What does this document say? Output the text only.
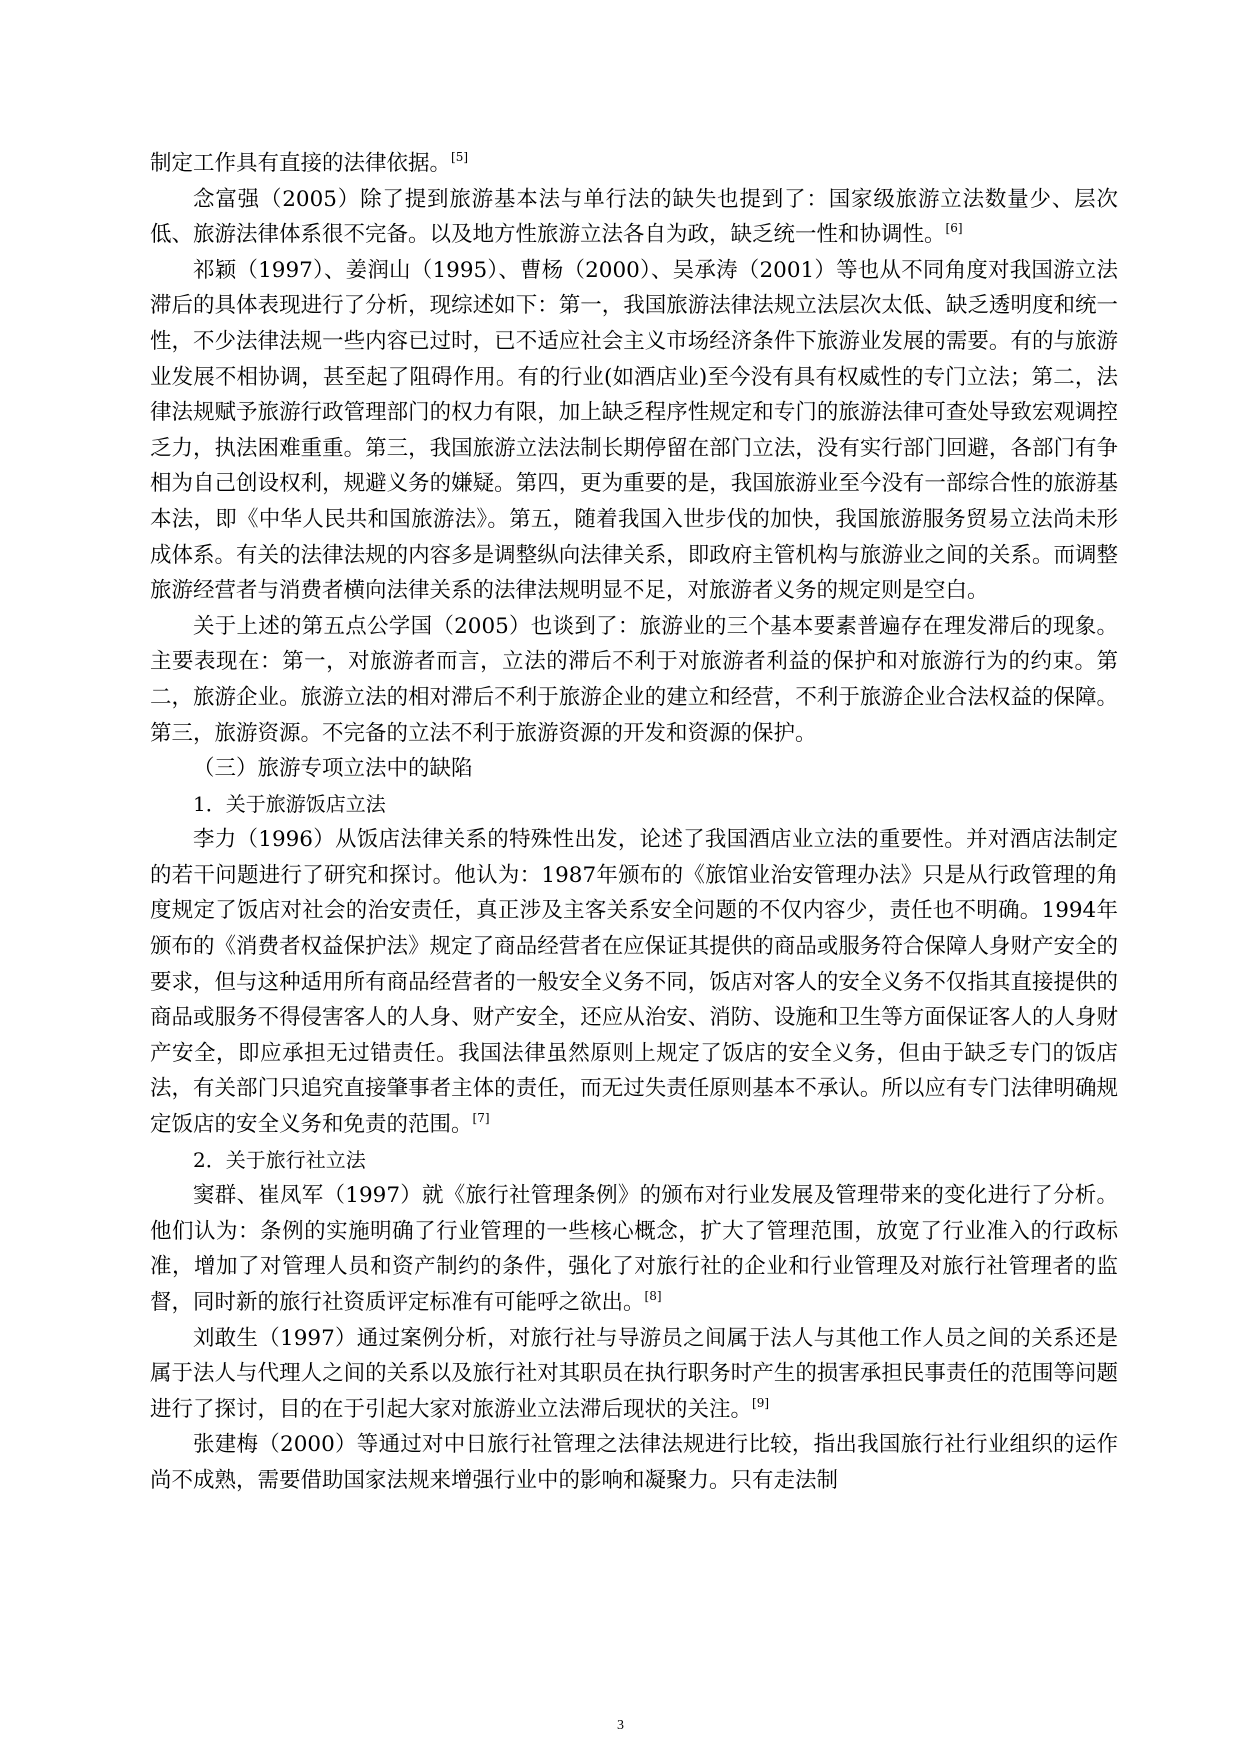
制定工作具有直接的法律依据。[5]

念富强（2005）除了提到旅游基本法与单行法的缺失也提到了：国家级旅游立法数量少、层次低、旅游法律体系很不完备。以及地方性旅游立法各自为政，缺乏统一性和协调性。[6]

祁颖（1997）、姜润山（1995）、曹杨（2000）、吴承涛（2001）等也从不同角度对我国游立法滞后的具体表现进行了分析，现综述如下：第一，我国旅游法律法规立法层次太低、缺乏透明度和统一性，不少法律法规一些内容已过时，已不适应社会主义市场经济条件下旅游业发展的需要。有的与旅游业发展不相协调，甚至起了阻碍作用。有的行业(如酒店业)至今没有具有权威性的专门立法；第二，法律法规赋予旅游行政管理部门的权力有限，加上缺乏程序性规定和专门的旅游法律可查处导致宏观调控乏力，执法困难重重。第三，我国旅游立法法制长期停留在部门立法，没有实行部门回避，各部门有争相为自己创设权利，规避义务的嫌疑。第四，更为重要的是，我国旅游业至今没有一部综合性的旅游基本法，即《中华人民共和国旅游法》。第五，随着我国入世步伐的加快，我国旅游服务贸易立法尚未形成体系。有关的法律法规的内容多是调整纵向法律关系，即政府主管机构与旅游业之间的关系。而调整旅游经营者与消费者横向法律关系的法律法规明显不足，对旅游者义务的规定则是空白。

关于上述的第五点公学国（2005）也谈到了：旅游业的三个基本要素普遍存在理发滞后的现象。主要表现在：第一，对旅游者而言，立法的滞后不利于对旅游者利益的保护和对旅游行为的约束。第二，旅游企业。旅游立法的相对滞后不利于旅游企业的建立和经营，不利于旅游企业合法权益的保障。第三，旅游资源。不完备的立法不利于旅游资源的开发和资源的保护。

（三）旅游专项立法中的缺陷

1．关于旅游饭店立法

李力（1996）从饭店法律关系的特殊性出发，论述了我国酒店业立法的重要性。并对酒店法制定的若干问题进行了研究和探讨。他认为：1987年颁布的《旅馆业治安管理办法》只是从行政管理的角度规定了饭店对社会的治安责任，真正涉及主客关系安全问题的不仅内容少，责任也不明确。1994年颁布的《消费者权益保护法》规定了商品经营者在应保证其提供的商品或服务符合保障人身财产安全的要求，但与这种适用所有商品经营者的一般安全义务不同，饭店对客人的安全义务不仅指其直接提供的商品或服务不得侵害客人的人身、财产安全，还应从治安、消防、设施和卫生等方面保证客人的人身财产安全，即应承担无过错责任。我国法律虽然原则上规定了饭店的安全义务，但由于缺乏专门的饭店法，有关部门只追究直接肇事者主体的责任，而无过失责任原则基本不承认。所以应有专门法律明确规定饭店的安全义务和免责的范围。[7]

2．关于旅行社立法

窦群、崔凤军（1997）就《旅行社管理条例》的颁布对行业发展及管理带来的变化进行了分析。他们认为：条例的实施明确了行业管理的一些核心概念，扩大了管理范围，放宽了行业准入的行政标准，增加了对管理人员和资产制约的条件，强化了对旅行社的企业和行业管理及对旅行社管理者的监督，同时新的旅行社资质评定标准有可能呼之欲出。[8]

刘敢生（1997）通过案例分析，对旅行社与导游员之间属于法人与其他工作人员之间的关系还是属于法人与代理人之间的关系以及旅行社对其职员在执行职务时产生的损害承担民事责任的范围等问题进行了探讨，目的在于引起大家对旅游业立法滞后现状的关注。[9]

张建梅（2000）等通过对中日旅行社管理之法律法规进行比较，指出我国旅行社行业组织的运作尚不成熟，需要借助国家法规来增强行业中的影响和凝聚力。只有走法制

3
